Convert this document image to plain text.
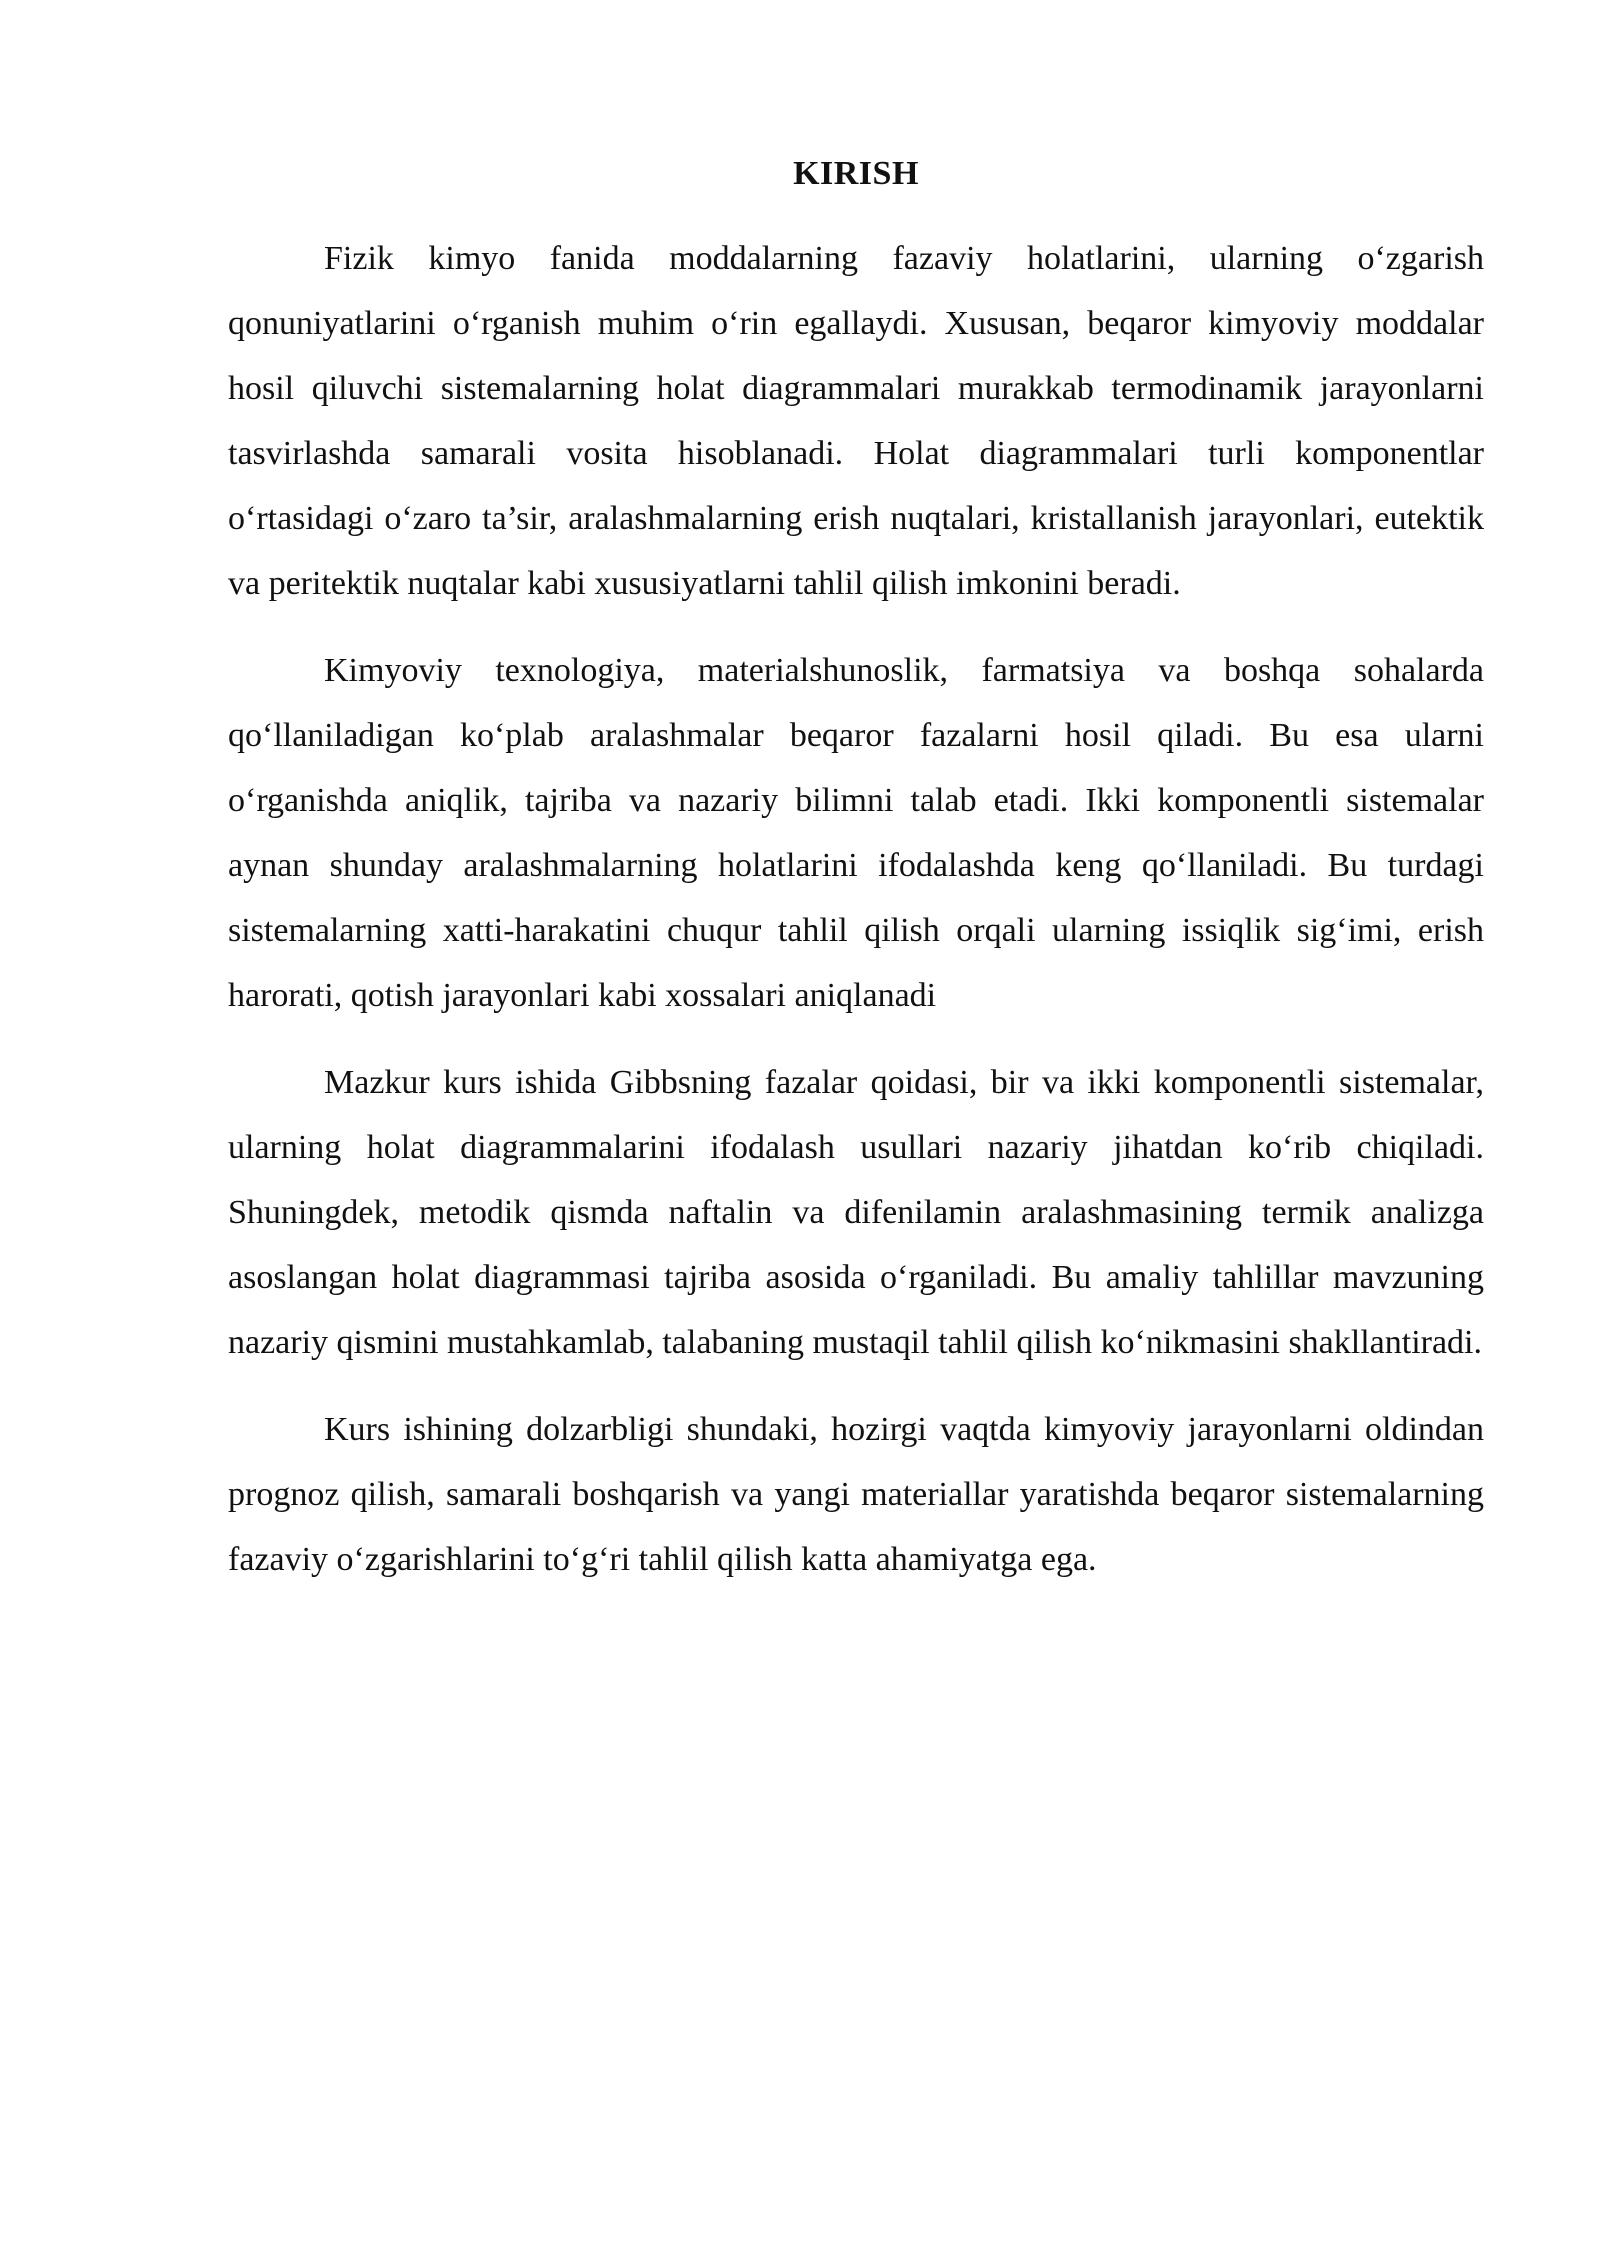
KIRISH

Fizik kimyo fanida moddalarning fazaviy holatlarini, ularning o‘zgarish qonuniyatlarini o‘rganish muhim o‘rin egallaydi. Xususan, beqaror kimyoviy moddalar hosil qiluvchi sistemalarning holat diagrammalari murakkab termodinamik jarayonlarni tasvirlashda samarali vosita hisoblanadi. Holat diagrammalari turli komponentlar o‘rtasidagi o‘zaro ta’sir, aralashmalarning erish nuqtalari, kristallanish jarayonlari, eutektik va peritektik nuqtalar kabi xususiyatlarni tahlil qilish imkonini beradi.

Kimyoviy texnologiya, materialshunoslik, farmatsiya va boshqa sohalarda qo‘llaniladigan ko‘plab aralashmalar beqaror fazalarni hosil qiladi. Bu esa ularni o‘rganishda aniqlik, tajriba va nazariy bilimni talab etadi. Ikki komponentli sistemalar aynan shunday aralashmalarning holatlarini ifodalashda keng qo‘llaniladi. Bu turdagi sistemalarning xatti-harakatini chuqur tahlil qilish orqali ularning issiqlik sig‘imi, erish harorati, qotish jarayonlari kabi xossalari aniqlanadi

Mazkur kurs ishida Gibbsning fazalar qoidasi, bir va ikki komponentli sistemalar, ularning holat diagrammalarini ifodalash usullari nazariy jihatdan ko‘rib chiqiladi. Shuningdek, metodik qismda naftalin va difenilamin aralashmasining termik analizga asoslangan holat diagrammasi tajriba asosida o‘rganiladi. Bu amaliy tahlillar mavzuning nazariy qismini mustahkamlab, talabaning mustaqil tahlil qilish ko‘nikmasini shakllantiradi.

Kurs ishining dolzarbligi shundaki, hozirgi vaqtda kimyoviy jarayonlarni oldindan prognoz qilish, samarali boshqarish va yangi materiallar yaratishda beqaror sistemalarning fazaviy o‘zgarishlarini to‘g‘ri tahlil qilish katta ahamiyatga ega.
